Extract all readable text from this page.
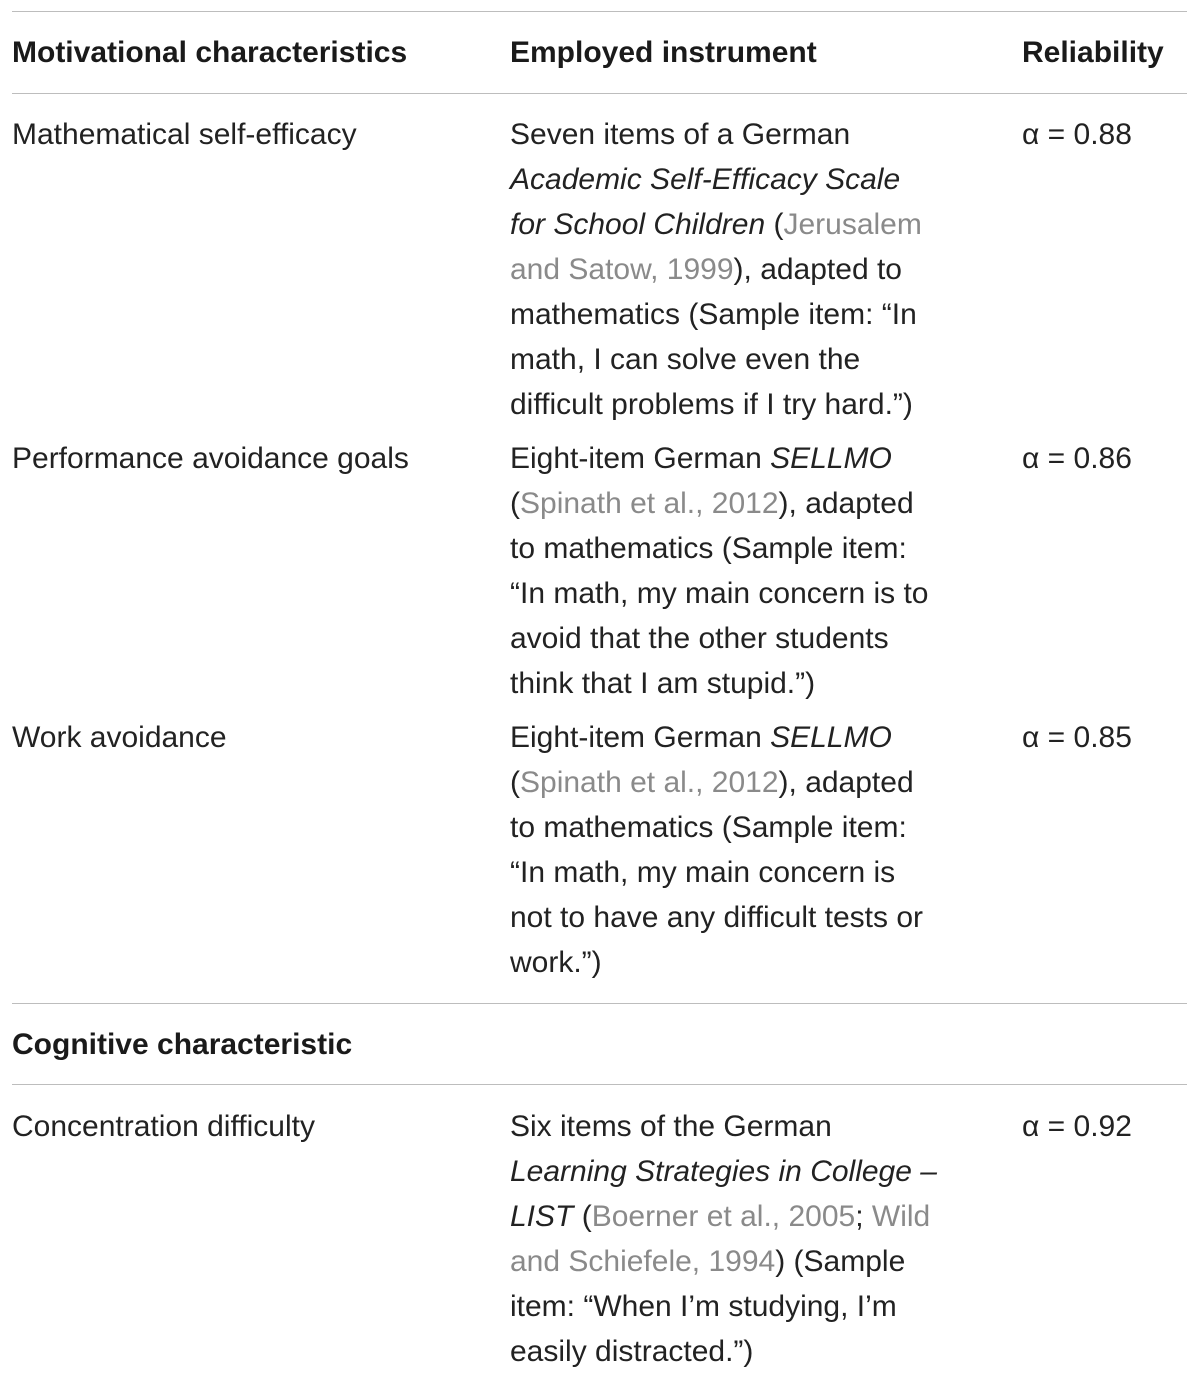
Motivational characteristics	Employed instrument	Reliability
Mathematical self-efficacy	Seven items of a German
Academic Self-Efficacy Scale
for School Children (Jerusalem
and Satow, 1999), adapted to
mathematics (Sample item: “In
math, I can solve even the
difficult problems if I try hard.”)
α = 0.88
Performance avoidance goals	Eight-item German SELLMO
(Spinath et al., 2012), adapted
to mathematics (Sample item:
“In math, my main concern is to
avoid that the other students
think that I am stupid.”)
α = 0.86
Work avoidance	Eight-item German SELLMO
(Spinath et al., 2012), adapted
to mathematics (Sample item:
“In math, my main concern is
not to have any difficult tests or
work.”)
α = 0.85
Cognitive characteristic
Concentration difficulty	Six items of the German
Learning Strategies in College –
LIST (Boerner et al., 2005; Wild
and Schiefele, 1994) (Sample
item: “When I’m studying, I’m
easily distracted.”)
α = 0.92
